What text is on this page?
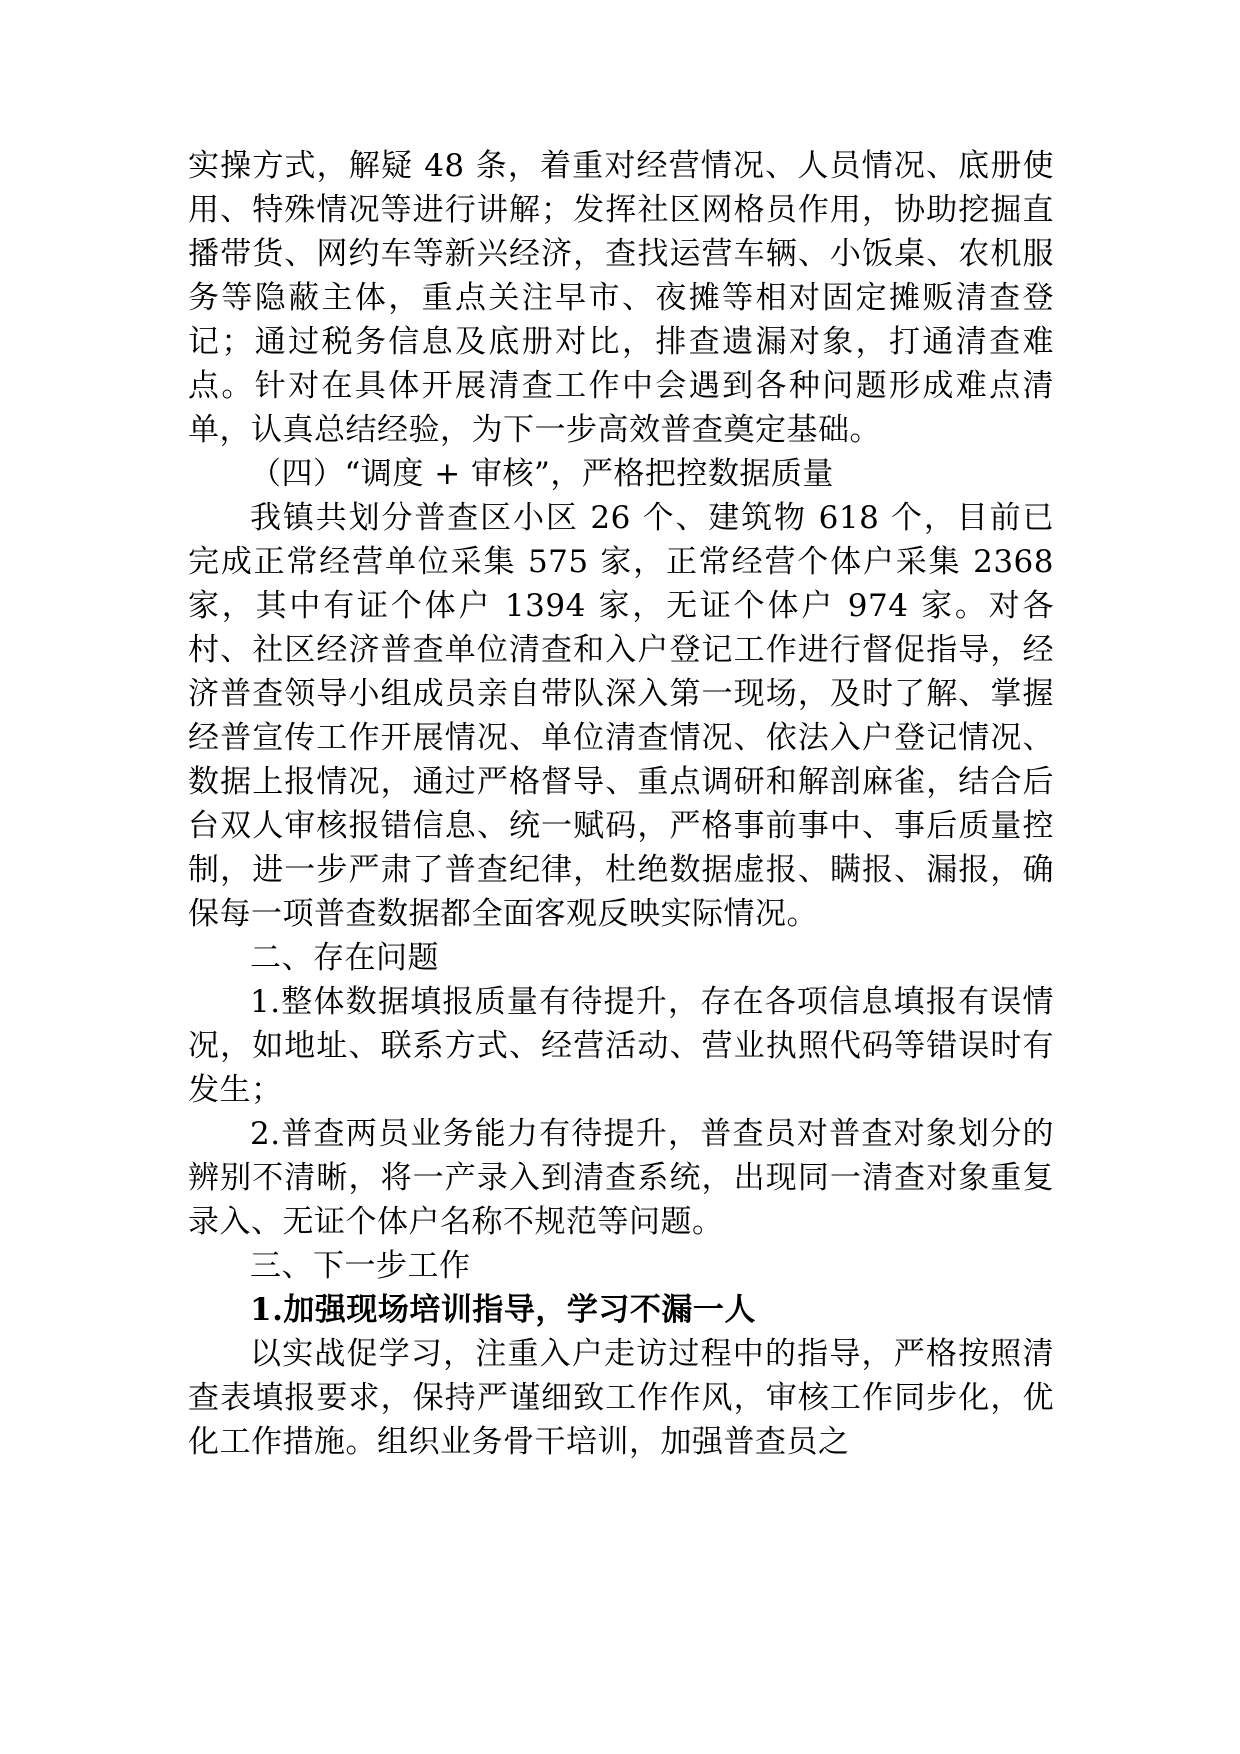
实操方式，解疑 48 条，着重对经营情况、人员情况、底册使用、特殊情况等进行讲解；发挥社区网格员作用，协助挖掘直播带货、网约车等新兴经济，查找运营车辆、小饭桌、农机服务等隐蔽主体，重点关注早市、夜摊等相对固定摊贩清查登记；通过税务信息及底册对比，排查遗漏对象，打通清查难点。针对在具体开展清查工作中会遇到各种问题形成难点清单，认真总结经验，为下一步高效普查奠定基础。

（四）“调度 + 审核”，严格把控数据质量

我镇共划分普查区小区 26 个、建筑物 618 个，目前已完成正常经营单位采集 575 家，正常经营个体户采集 2368 家，其中有证个体户 1394 家，无证个体户 974 家。对各村、社区经济普查单位清查和入户登记工作进行督促指导，经济普查领导小组成员亲自带队深入第一现场，及时了解、掌握经普宣传工作开展情况、单位清查情况、依法入户登记情况、数据上报情况，通过严格督导、重点调研和解剖麻雀，结合后台双人审核报错信息、统一赋码，严格事前事中、事后质量控制，进一步严肃了普查纪律，杜绝数据虚报、瞒报、漏报，确保每一项普查数据都全面客观反映实际情况。

二、存在问题

1.整体数据填报质量有待提升，存在各项信息填报有误情况，如地址、联系方式、经营活动、营业执照代码等错误时有发生；

2.普查两员业务能力有待提升，普查员对普查对象划分的辨别不清晰，将一产录入到清查系统，出现同一清查对象重复录入、无证个体户名称不规范等问题。

三、下一步工作

1.加强现场培训指导，学习不漏一人

以实战促学习，注重入户走访过程中的指导，严格按照清查表填报要求，保持严谨细致工作作风，审核工作同步化，优化工作措施。组织业务骨干培训，加强普查员之
